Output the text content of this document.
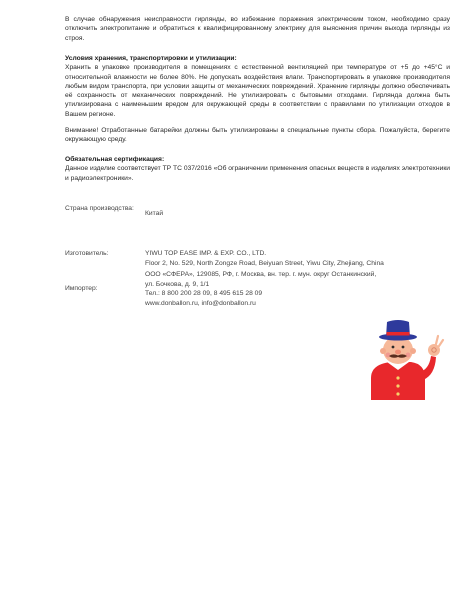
В случае обнаружения неисправности гирлянды, во избежание поражения электрическим током, необходимо сразу отключить электропитание и обратиться к квалифицированному электрику для выяснения причин выхода гирлянды из строя.
Условия хранения, транспортировки и утилизации:
Хранить в упаковке производителя в помещениях с естественной вентиляцией при температуре от +5 до +45°С и относительной влажности не более 80%. Не допускать воздействия влаги. Транспортировать в упаковке производителя любым видом транспорта, при условии защиты от механических повреждений. Хранение гирлянды должно обеспечивать её сохранность от механических повреждений. Не утилизировать с бытовыми отходами. Гирлянда должна быть утилизирована с наименьшим вредом для окружающей среды в соответствии с правилами по утилизации отходов в Вашем регионе.
Внимание! Отработанные батарейки должны быть утилизированы в специальные пункты сбора. Пожалуйста, берегите окружающую среду.
Обязательная сертификация:
Данное изделие соответствует ТР ТС 037/2016 «Об ограничении применения опасных веществ в изделиях электротехники и радиоэлектроники».
Страна производства:
Китай
Изготовитель:	YIWU TOP EASE IMP. & EXP. CO., LTD.
Floor 2, No. 529, North Zongze Road, Beiyuan Street, Yiwu City, Zhejiang, China
Импортер:
ООО «СФЕРА», 129085, РФ, г. Москва, вн. тер. г. мун. округ Останкинский,
ул. Бочкова, д. 9, 1/1
Тел.: 8 800 200 28 09, 8 495 615 28 09
www.donballon.ru, info@donballon.ru
